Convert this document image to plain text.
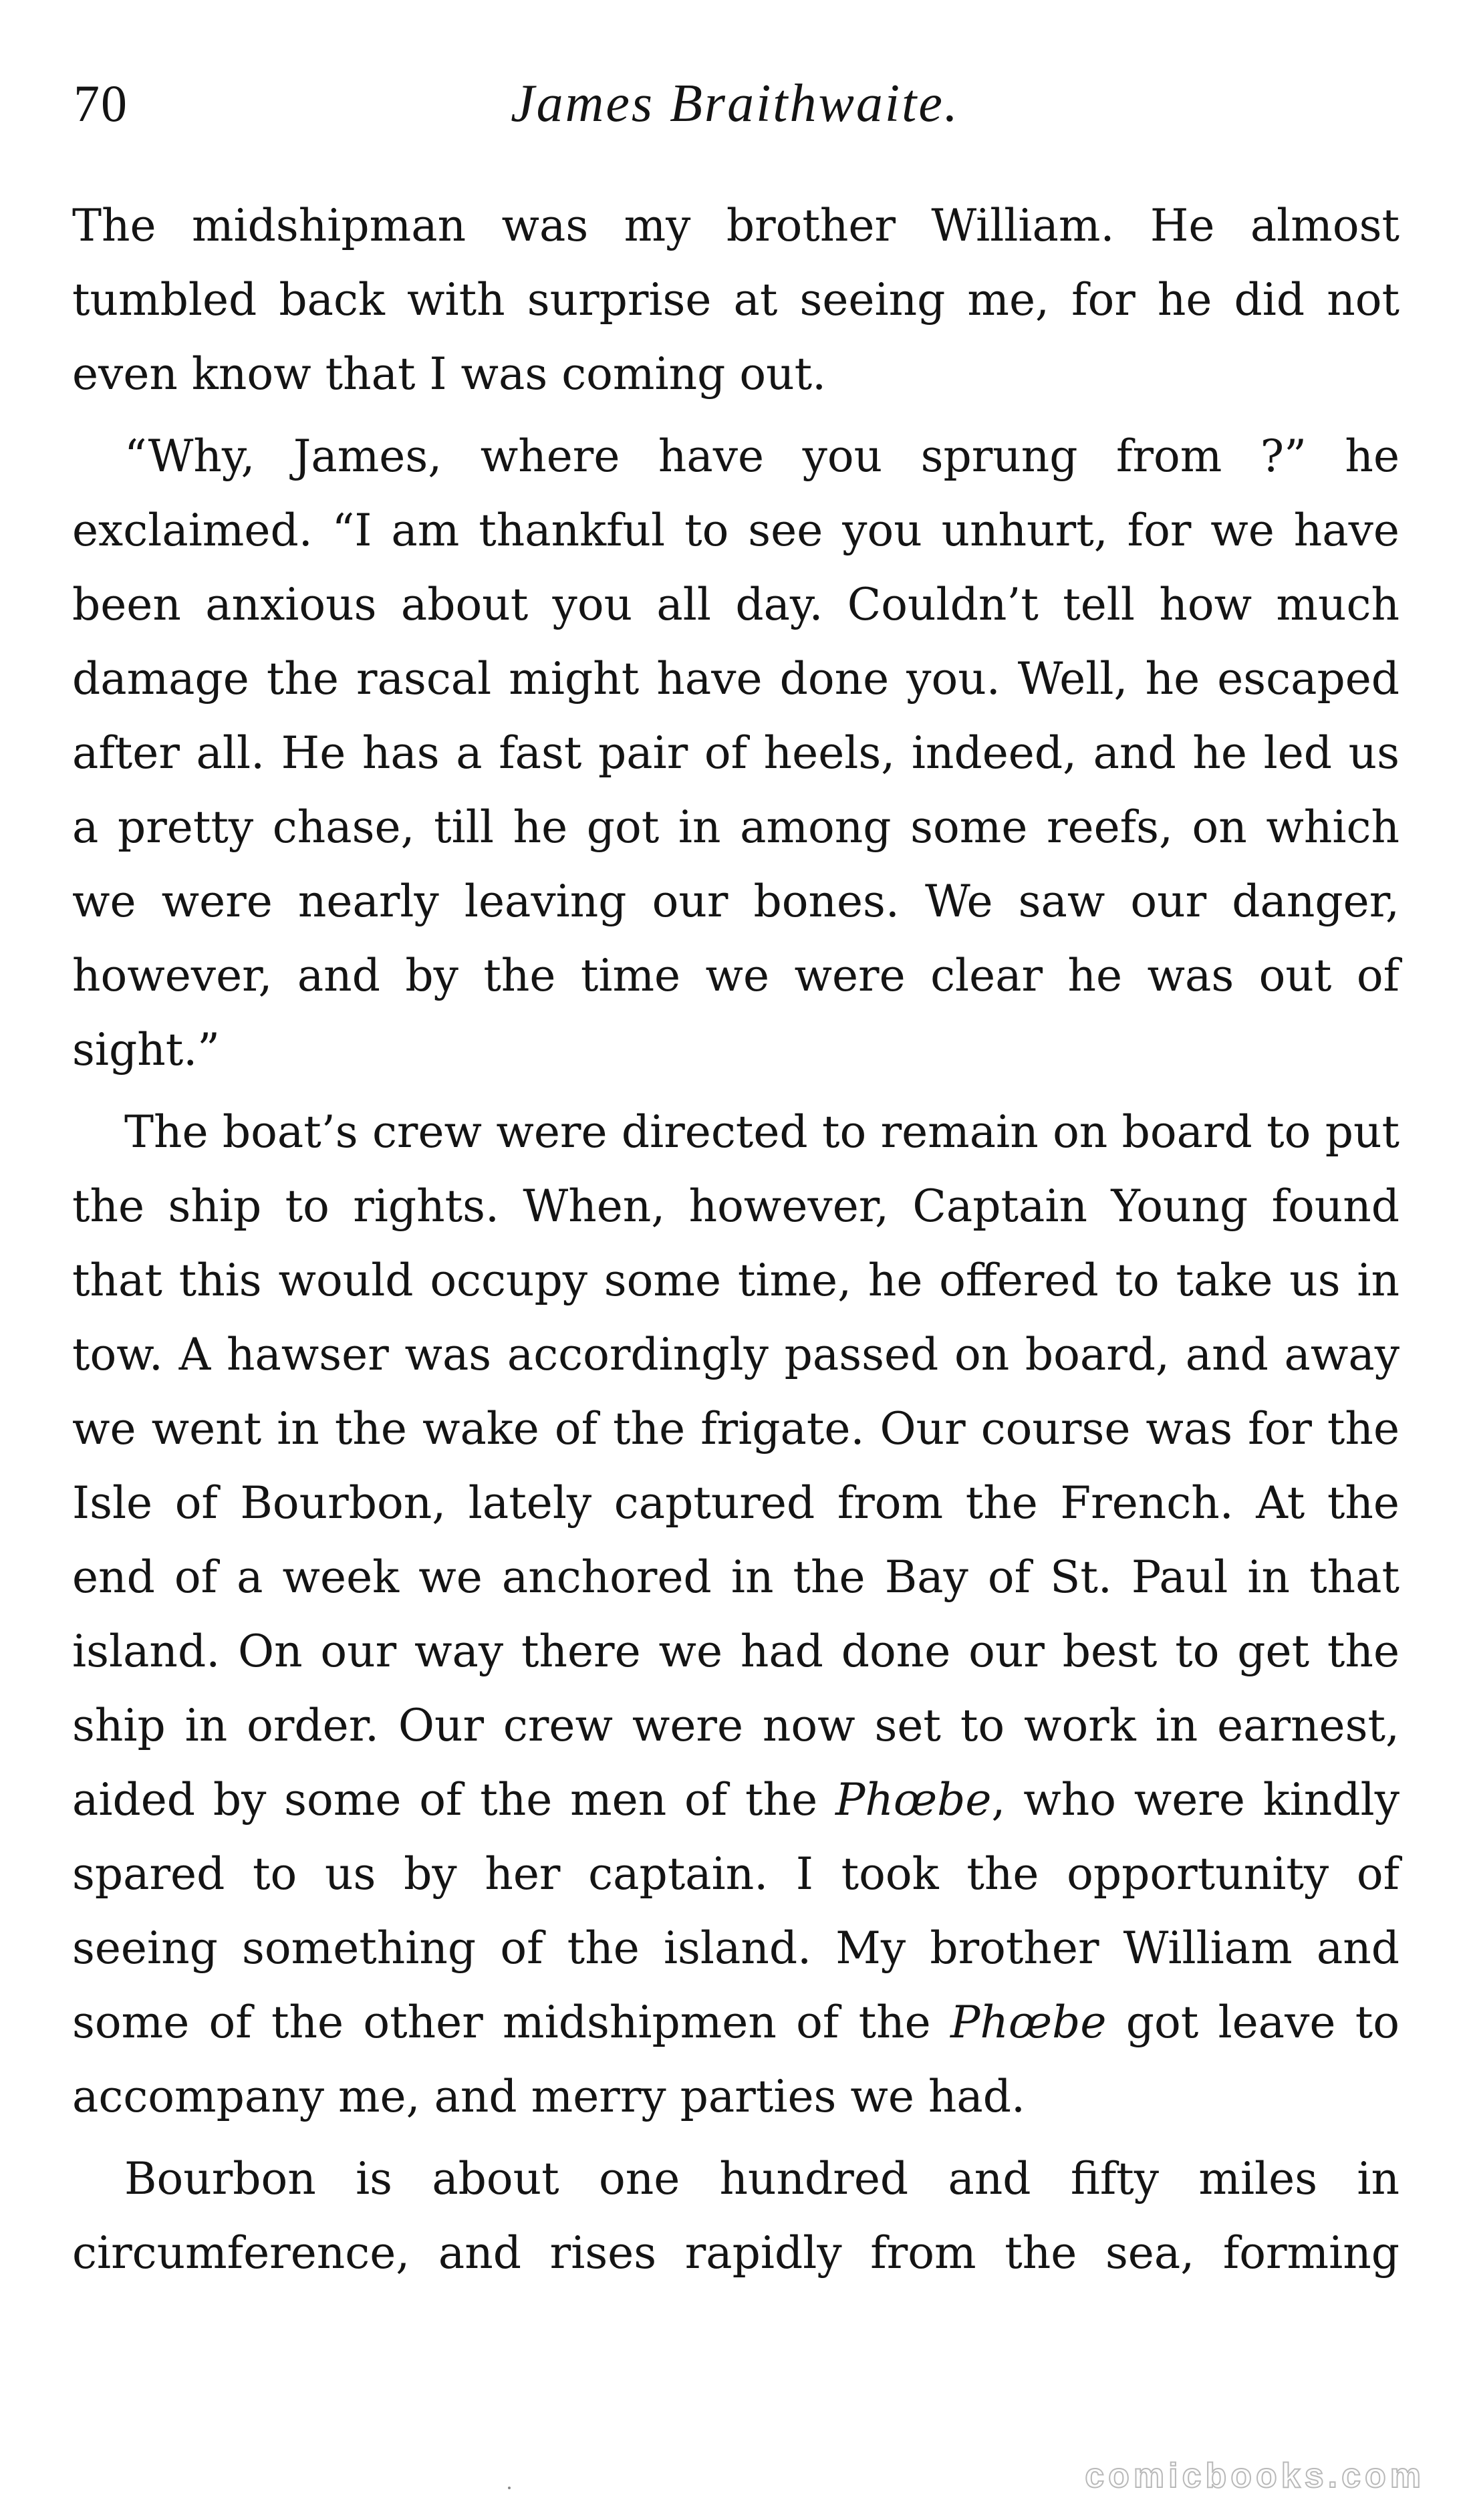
70	James Braithwaite.

The midshipman was my brother William. He almost tumbled back with surprise at seeing me, for he did not even know that I was coming out.

“Why, James, where have you sprung from ?” he exclaimed. “I am thankful to see you unhurt, for we have been anxious about you all day. Couldn’t tell how much damage the rascal might have done you. Well, he escaped after all. He has a fast pair of heels, indeed, and he led us a pretty chase, till he got in among some reefs, on which we were nearly leaving our bones. We saw our danger, however, and by the time we were clear he was out of sight.”

The boat’s crew were directed to remain on board to put the ship to rights. When, however, Captain Young found that this would occupy some time, he offered to take us in tow. A hawser was accordingly passed on board, and away we went in the wake of the frigate. Our course was for the Isle of Bourbon, lately captured from the French. At the end of a week we anchored in the Bay of St. Paul in that island. On our way there we had done our best to get the ship in order. Our crew were now set to work in earnest, aided by some of the men of the Phœbe, who were kindly spared to us by her captain. I took the opportunity of seeing something of the island. My brother William and some of the other midshipmen of the Phœbe got leave to accompany me, and merry parties we had.

Bourbon is about one hundred and fifty miles in circumference, and rises rapidly from the sea, forming

comicbooks.com
